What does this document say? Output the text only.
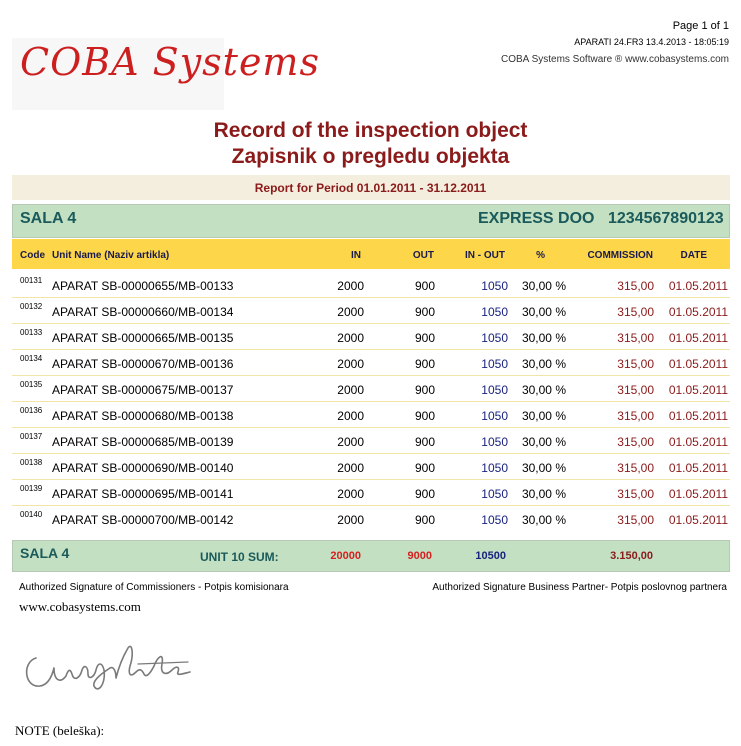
Page 1 of 1
APARATI 24.FR3 13.4.2013 - 18:05:19
COBA Systems Software ® www.cobasystems.com
COBA Systems
Record of the inspection object
Zapisnik o pregledu objekta
Report for Period 01.01.2011 - 31.12.2011
SALA 4	EXPRESS DOO 1234567890123
Code Unit Name (Naziv artikla)	IN	OUT	IN - OUT	%	COMMISSION	DATE
00131 APARAT SB-00000655/MB-00133	2000	900	1050 30,00 %	315,00 01.05.2011
00132 APARAT SB-00000660/MB-00134	2000	900	1050 30,00 %	315,00 01.05.2011
00133 APARAT SB-00000665/MB-00135	2000	900	1050 30,00 %	315,00 01.05.2011
00134 APARAT SB-00000670/MB-00136	2000	900	1050 30,00 %	315,00 01.05.2011
00135 APARAT SB-00000675/MB-00137	2000	900	1050 30,00 %	315,00 01.05.2011
00136 APARAT SB-00000680/MB-00138	2000	900	1050 30,00 %	315,00 01.05.2011
00137 APARAT SB-00000685/MB-00139	2000	900	1050 30,00 %	315,00 01.05.2011
00138 APARAT SB-00000690/MB-00140	2000	900	1050 30,00 %	315,00 01.05.2011
00139 APARAT SB-00000695/MB-00141	2000	900	1050 30,00 %	315,00 01.05.2011
00140 APARAT SB-00000700/MB-00142	2000	900	1050 30,00 %	315,00 01.05.2011
SALA 4	UNIT 10 SUM:	20000	9000	10500	3.150,00
Authorized Signature of Commissioners - Potpis komisionara	Authorized Signature Business Partner- Potpis poslovnog partnera
www.cobasystems.com
NOTE (beleška):
